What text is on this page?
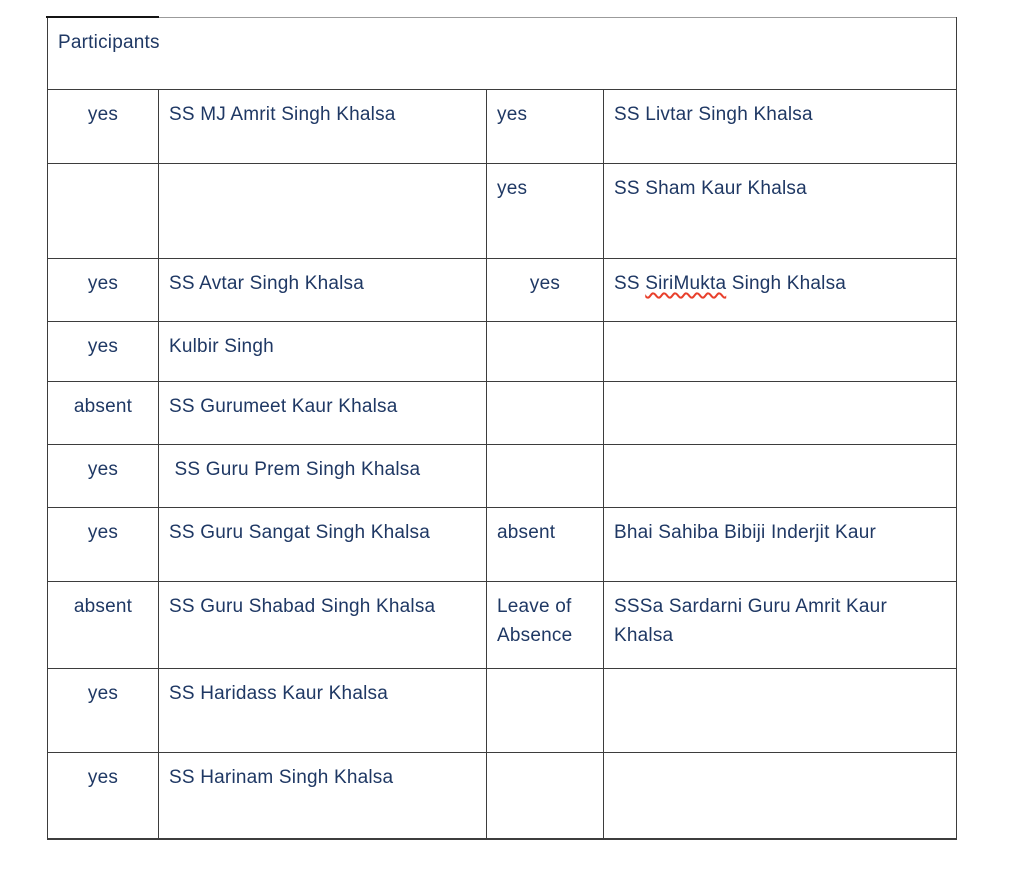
Participants			
yes	SS MJ Amrit Singh Khalsa	yes	SS Livtar Singh Khalsa
		yes	SS Sham Kaur Khalsa
yes	SS Avtar Singh Khalsa	yes	SS SiriMukta Singh Khalsa
yes	Kulbir Singh		
absent	SS Gurumeet Kaur Khalsa		
yes	SS Guru Prem Singh Khalsa		
yes	SS Guru Sangat Singh Khalsa	absent	Bhai Sahiba Bibiji Inderjit Kaur
absent	SS Guru Shabad Singh Khalsa	Leave of Absence	SSSa Sardarni Guru Amrit Kaur Khalsa
yes	SS Haridass Kaur Khalsa		
yes	SS Harinam Singh Khalsa		
